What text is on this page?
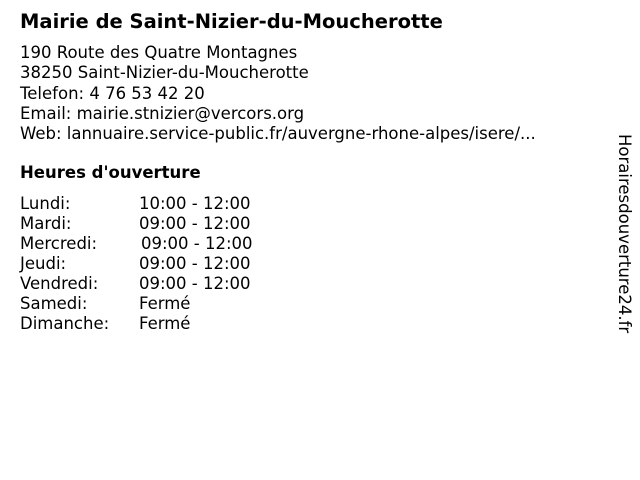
Mairie de Saint-Nizier-du-Moucherotte
190 Route des Quatre Montagnes
38250 Saint-Nizier-du-Moucherotte
Telefon: 4 76 53 42 20
Email: mairie.stnizier@vercors.org
Web: lannuaire.service-public.fr/auvergne-rhone-alpes/isere/...
Heures d'ouverture
Lundi:	10:00 - 12:00
Mardi:	09:00 - 12:00
Mercredi:	09:00 - 12:00
Jeudi:	09:00 - 12:00
Vendredi: 09:00 - 12:00
Samedi:	Fermé
Dimanche: Fermé	Horairesdouverture24.fr
